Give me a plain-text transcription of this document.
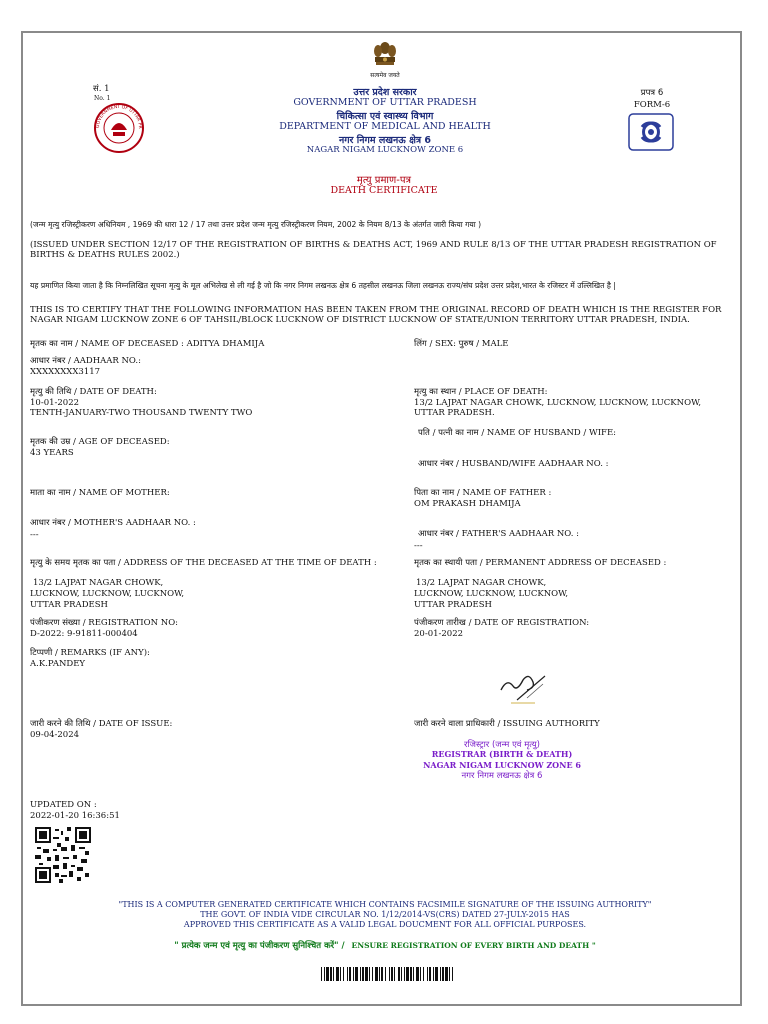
सं. 1
No. 1
GOVERNMENT OF UTTAR PR
सत्यमेव जयते
उत्तर प्रदेश सरकार
GOVERNMENT OF UTTAR PRADESH
चिकित्सा एवं स्वास्थ्य विभाग
DEPARTMENT OF MEDICAL AND HEALTH
नगर निगम लखनऊ क्षेत्र 6
NAGAR NIGAM LUCKNOW ZONE 6
प्रपत्र 6
FORM-6
मृत्यु प्रमाण-पत्र
DEATH CERTIFICATE
(जन्म मृत्यु रजिस्ट्रीकरण अधिनियम , 1969 की धारा 12 / 17 तथा उत्तर प्रदेश जन्म मृत्यु रजिस्ट्रीकरण नियम, 2002 के नियम 8/13 के अंतर्गत जारी किया गया )
(ISSUED UNDER SECTION 12/17 OF THE REGISTRATION OF BIRTHS & DEATHS ACT, 1969 AND RULE 8/13 OF THE UTTAR PRADESH REGISTRATION OF BIRTHS & DEATHS RULES 2002.)
यह प्रमाणित किया जाता है कि निम्नलिखित सूचना मृत्यु के मूल अभिलेख से ली गई है जो कि नगर निगम लखनऊ क्षेत्र 6 तहसील लखनऊ जिला लखनऊ राज्य/संघ प्रदेश उत्तर प्रदेश,भारत के रजिस्टर में उल्लिखित है |
THIS IS TO CERTIFY THAT THE FOLLOWING INFORMATION HAS BEEN TAKEN FROM THE ORIGINAL RECORD OF DEATH WHICH IS THE REGISTER FOR NAGAR NIGAM LUCKNOW ZONE 6 OF TAHSIL/BLOCK LUCKNOW OF DISTRICT LUCKNOW OF STATE/UNION TERRITORY UTTAR PRADESH, INDIA.
मृतक का नाम / NAME OF DECEASED : ADITYA DHAMIJA
आधार नंबर / AADHAAR NO.:
XXXXXXXX3117
मृत्यु की तिथि / DATE OF DEATH:
10-01-2022
TENTH-JANUARY-TWO THOUSAND TWENTY TWO
मृतक की उम्र / AGE OF DECEASED:
43 YEARS
माता का नाम / NAME OF MOTHER:
आधार नंबर / MOTHER'S AADHAAR NO. :
---
मृत्यु के समय मृतक का पता / ADDRESS OF THE DECEASED AT THE TIME OF DEATH :
13/2 LAJPAT NAGAR CHOWK,
LUCKNOW, LUCKNOW, LUCKNOW,
UTTAR PRADESH
पंजीकरण संख्या / REGISTRATION NO:
D-2022: 9-91811-000404
टिप्पणी / REMARKS (IF ANY):
A.K.PANDEY
जारी करने की तिथि / DATE OF ISSUE:
09-04-2024
लिंग / SEX: पुरुष / MALE
मृत्यु का स्थान / PLACE OF DEATH:
13/2 LAJPAT NAGAR CHOWK, LUCKNOW, LUCKNOW, LUCKNOW, UTTAR PRADESH.
पति / पत्नी का नाम / NAME OF HUSBAND / WIFE:
आधार नंबर / HUSBAND/WIFE AADHAAR NO. :
पिता का नाम / NAME OF FATHER :
OM PRAKASH DHAMIJA
आधार नंबर / FATHER'S AADHAAR NO. :
---
मृतक का स्थायी पता / PERMANENT ADDRESS OF DECEASED :
13/2 LAJPAT NAGAR CHOWK,
LUCKNOW, LUCKNOW, LUCKNOW,
UTTAR PRADESH
पंजीकरण तारीख / DATE OF REGISTRATION:
20-01-2022
जारी करने वाला प्राधिकारी / ISSUING AUTHORITY
रजिस्ट्रार (जन्म एवं मृत्यु)
REGISTRAR (BIRTH & DEATH)
NAGAR NIGAM LUCKNOW ZONE 6
नगर निगम लखनऊ क्षेत्र 6
UPDATED ON :
2022-01-20 16:36:51
"THIS IS A COMPUTER GENERATED CERTIFICATE WHICH CONTAINS FACSIMILE SIGNATURE OF THE ISSUING AUTHORITY"
THE GOVT. OF INDIA VIDE CIRCULAR NO. 1/12/2014-VS(CRS) DATED 27-JULY-2015 HAS
APPROVED THIS CERTIFICATE AS A VALID LEGAL DOUCMENT FOR ALL OFFICIAL PURPOSES.
" प्रत्येक जन्म एवं मृत्यु का पंजीकरण सुनिश्चित करें" / ENSURE REGISTRATION OF EVERY BIRTH AND DEATH "
